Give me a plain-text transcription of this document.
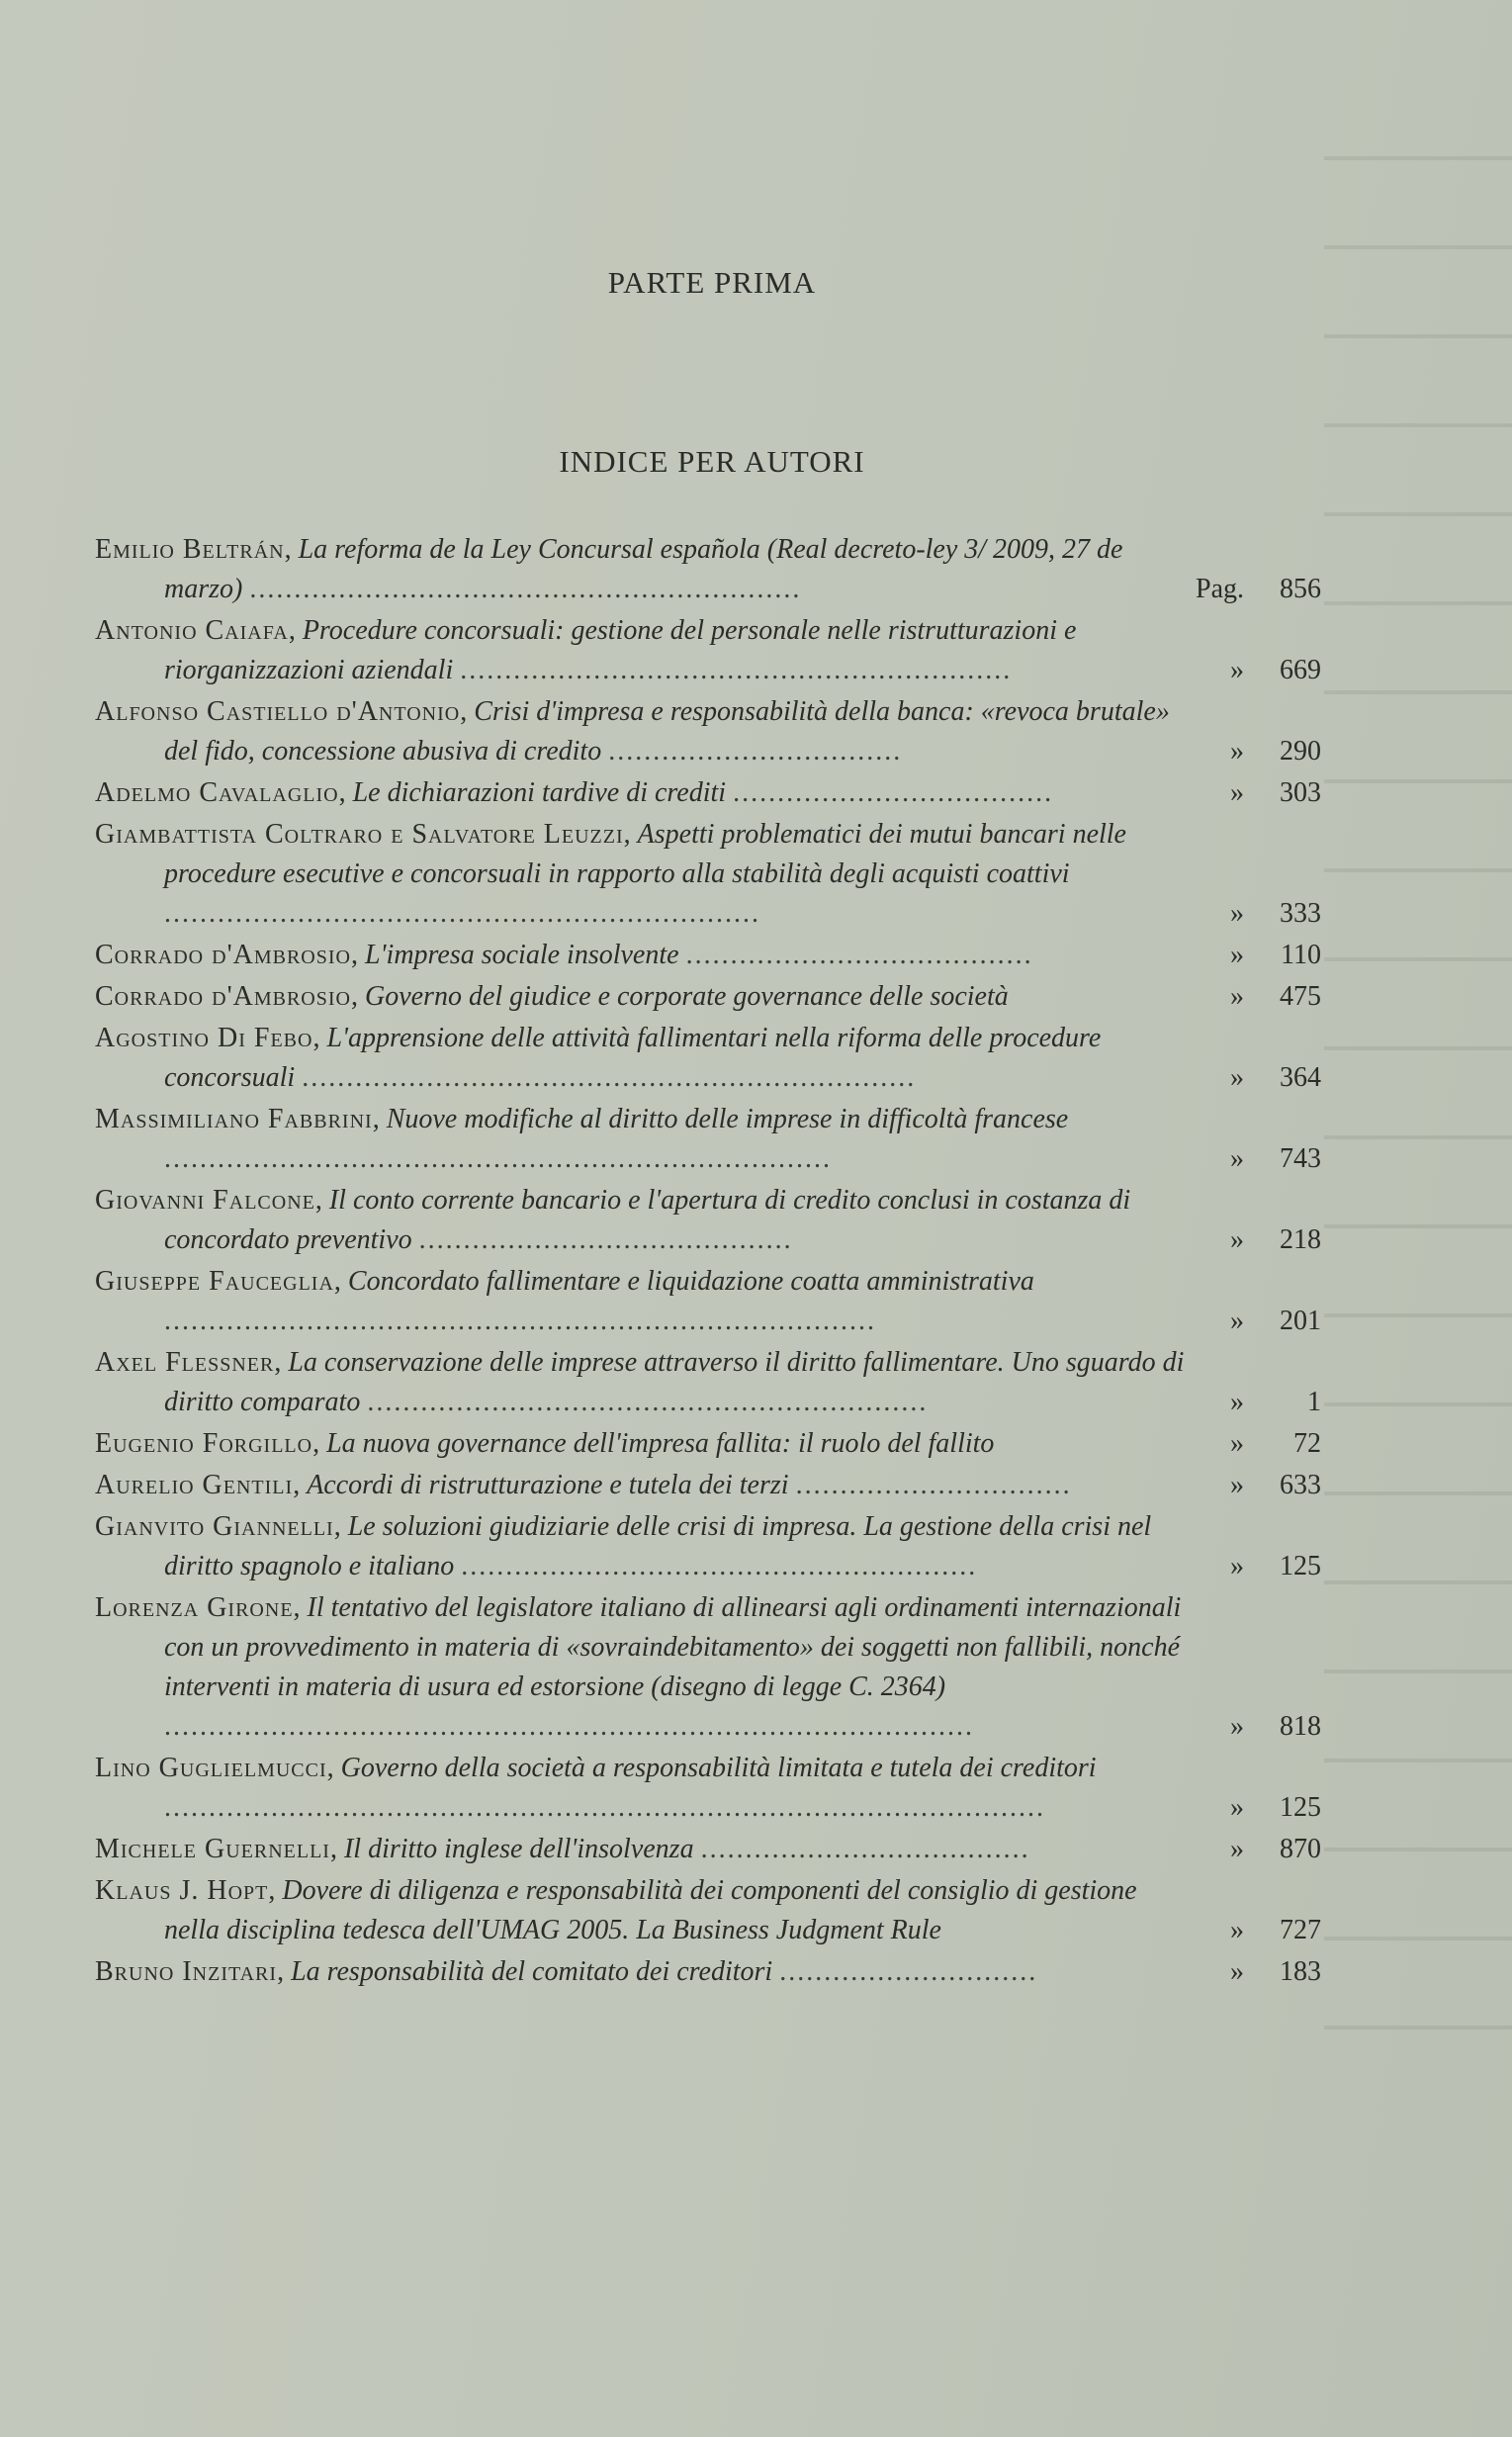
PARTE PRIMA
INDICE PER AUTORI
Emilio Beltrán, La reforma de la Ley Concursal española (Real decreto-ley 3/ 2009, 27 de marzo) ..............................................................	Pag.	856
Antonio Caiafa, Procedure concorsuali: gestione del personale nelle ristrutturazioni e riorganizzazioni aziendali ..............................................................	»	669
Alfonso Castiello d'Antonio, Crisi d'impresa e responsabilità della banca: «revoca brutale» del fido, concessione abusiva di credito .................................	»	290
Adelmo Cavalaglio, Le dichiarazioni tardive di crediti ....................................	»	303
Giambattista Coltraro e Salvatore Leuzzi, Aspetti problematici dei mutui bancari nelle procedure esecutive e concorsuali in rapporto alla stabilità degli acquisti coattivi ...................................................................	»	333
Corrado d'Ambrosio, L'impresa sociale insolvente .......................................	»	110
Corrado d'Ambrosio, Governo del giudice e corporate governance delle società	»	475
Agostino Di Febo, L'apprensione delle attività fallimentari nella riforma delle procedure concorsuali .....................................................................	»	364
Massimiliano Fabbrini, Nuove modifiche al diritto delle imprese in difficoltà francese ...........................................................................	»	743
Giovanni Falcone, Il conto corrente bancario e l'apertura di credito conclusi in costanza di concordato preventivo ..........................................	»	218
Giuseppe Fauceglia, Concordato fallimentare e liquidazione coatta amministrativa ................................................................................	»	201
Axel Flessner, La conservazione delle imprese attraverso il diritto fallimentare. Uno sguardo di diritto comparato ...............................................................	»	1
Eugenio Forgillo, La nuova governance dell'impresa fallita: il ruolo del fallito	»	72
Aurelio Gentili, Accordi di ristrutturazione e tutela dei terzi ...............................	»	633
Gianvito Giannelli, Le soluzioni giudiziarie delle crisi di impresa. La gestione della crisi nel diritto spagnolo e italiano ..........................................................	»	125
Lorenza Girone, Il tentativo del legislatore italiano di allinearsi agli ordinamenti internazionali con un provvedimento in materia di «sovraindebitamento» dei soggetti non fallibili, nonché interventi in materia di usura ed estorsione (disegno di legge C. 2364) ...........................................................................................	»	818
Lino Guglielmucci, Governo della società a responsabilità limitata e tutela dei creditori ...................................................................................................	»	125
Michele Guernelli, Il diritto inglese dell'insolvenza .....................................	»	870
Klaus J. Hopt, Dovere di diligenza e responsabilità dei componenti del consiglio di gestione nella disciplina tedesca dell'UMAG 2005. La Business Judgment Rule	»	727
Bruno Inzitari, La responsabilità del comitato dei creditori .............................	»	183
